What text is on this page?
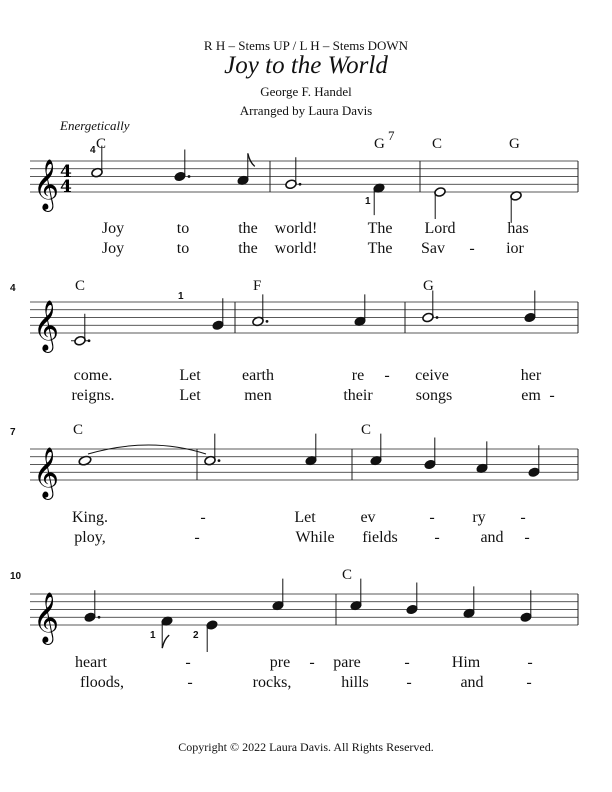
R H – Stems UP / L H – Stems DOWN
Joy to the World
George F. Handel
Arranged by Laura Davis
Energetically
𝄞
𝄞
𝄞
𝄞
4
4
C	G
7
C	G
4
1
Joy	to	the world!	The Lord	has
Joy	to	the world!	The Sav - ior
come.	Let	earth	re - ceive	her
reigns.	Let	men	their	songs	em -
King.	-	Let	ev	- ry -
ploy,	-	While fields -	and -
heart	-	pre - pare	-	Him	-
floods,	-	rocks,	hills -	and	-
4	C	F	G
1
7	C	C
10	C
1	2
Copyright © 2022 Laura Davis. All Rights Reserved.
